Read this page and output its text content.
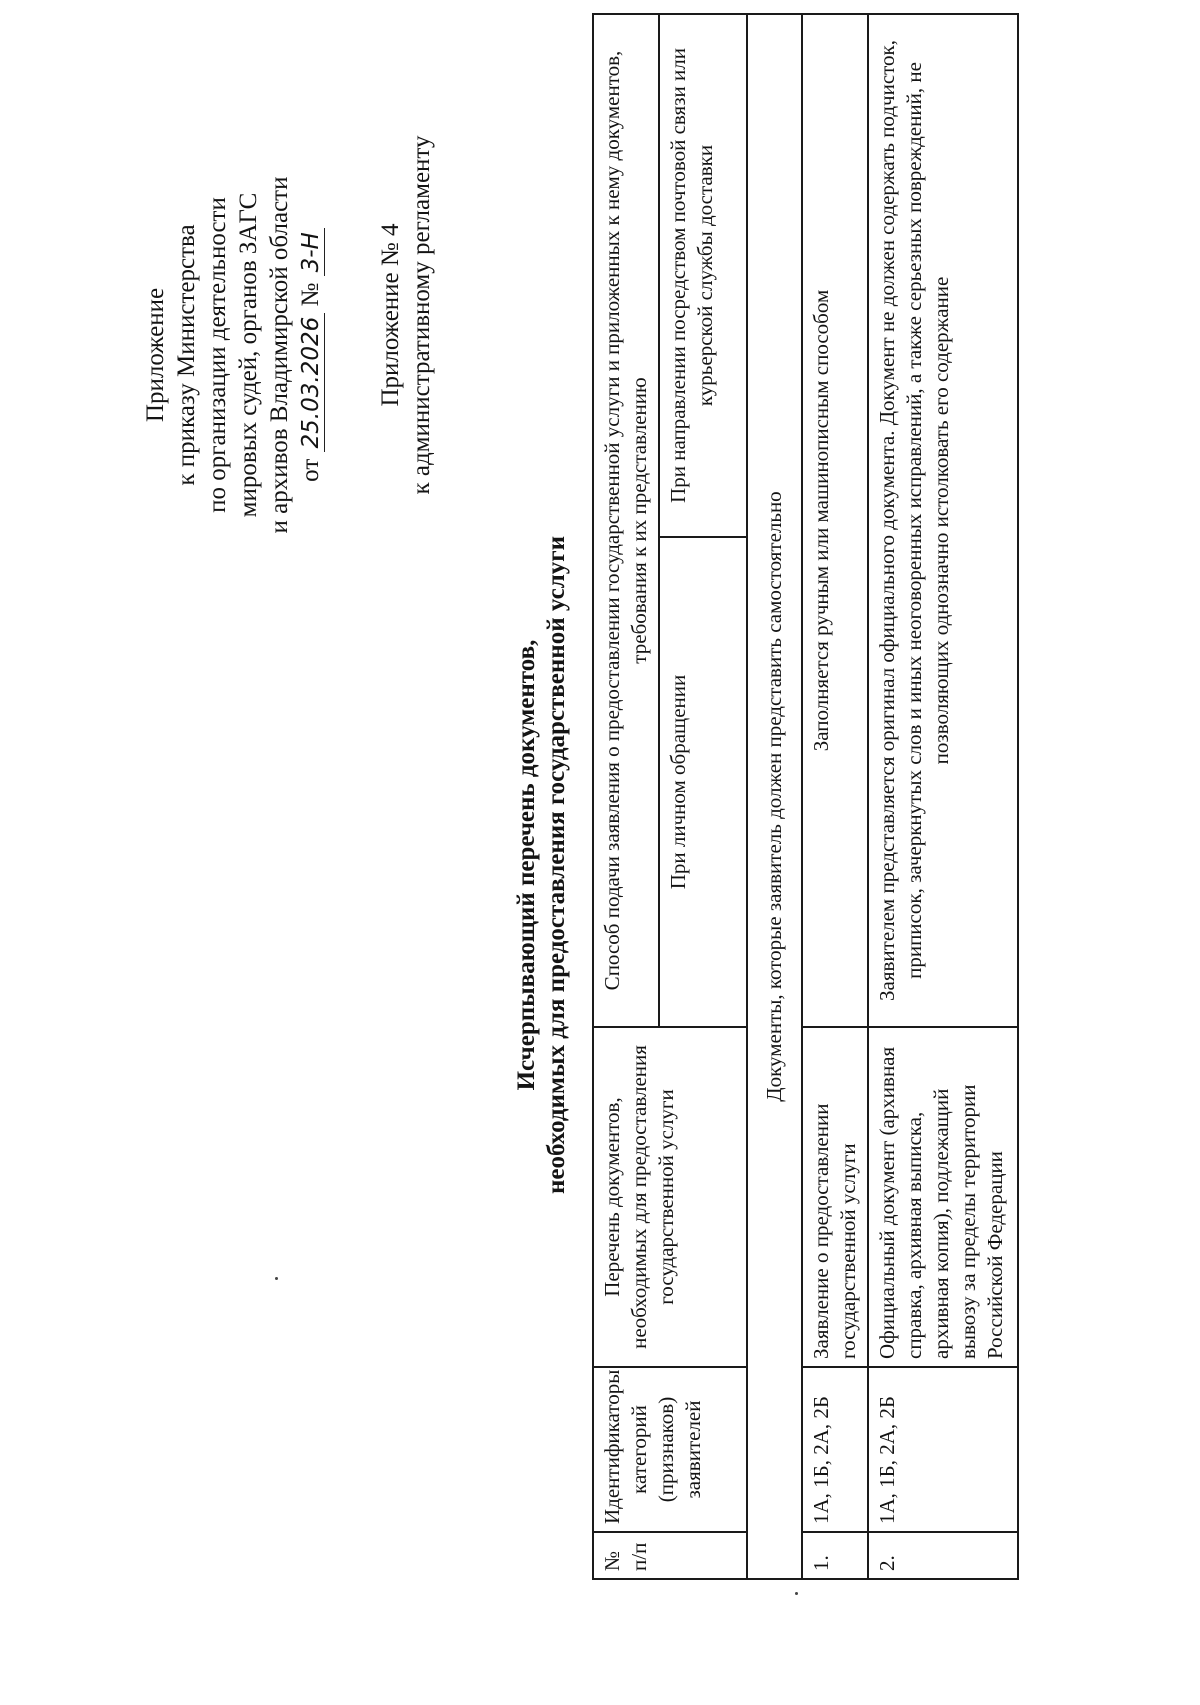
Приложение к приказу Министерства по организации деятельности мировых судей, органов ЗАГС и архивов Владимирской области от 25.03.2026 № 3-Н Приложение № 4 к административному регламенту
Исчерпывающий перечень документов, необходимых для предоставления государственной услуги
№ п/п	Идентификаторы категорий (признаков) заявителей	Перечень документов, необходимых для предоставления государственной услуги	Способ подачи заявления о предоставлении государственной услуги и приложенных к нему документов, требования к их представлению	
			При личном обращении	При направлении посредством почтовой связи или курьерской службы доставки
Документы, которые заявитель должен представить самостоятельно				
1.	1А, 1Б, 2А, 2Б	Заявление о предоставлении государственной услуги	Заполняется ручным или машинописным способом	
2.	1А, 1Б, 2А, 2Б	Официальный документ (архивная справка, архивная выписка, архивная копия), подлежащий вывозу за пределы территории Российской Федерации	Заявителем представляется оригинал официального документа. Документ не должен содержать подчисток, приписок, зачеркнутых слов и иных неоговоренных исправлений, а также серьезных повреждений, не позволяющих однозначно истолковать его содержание	
